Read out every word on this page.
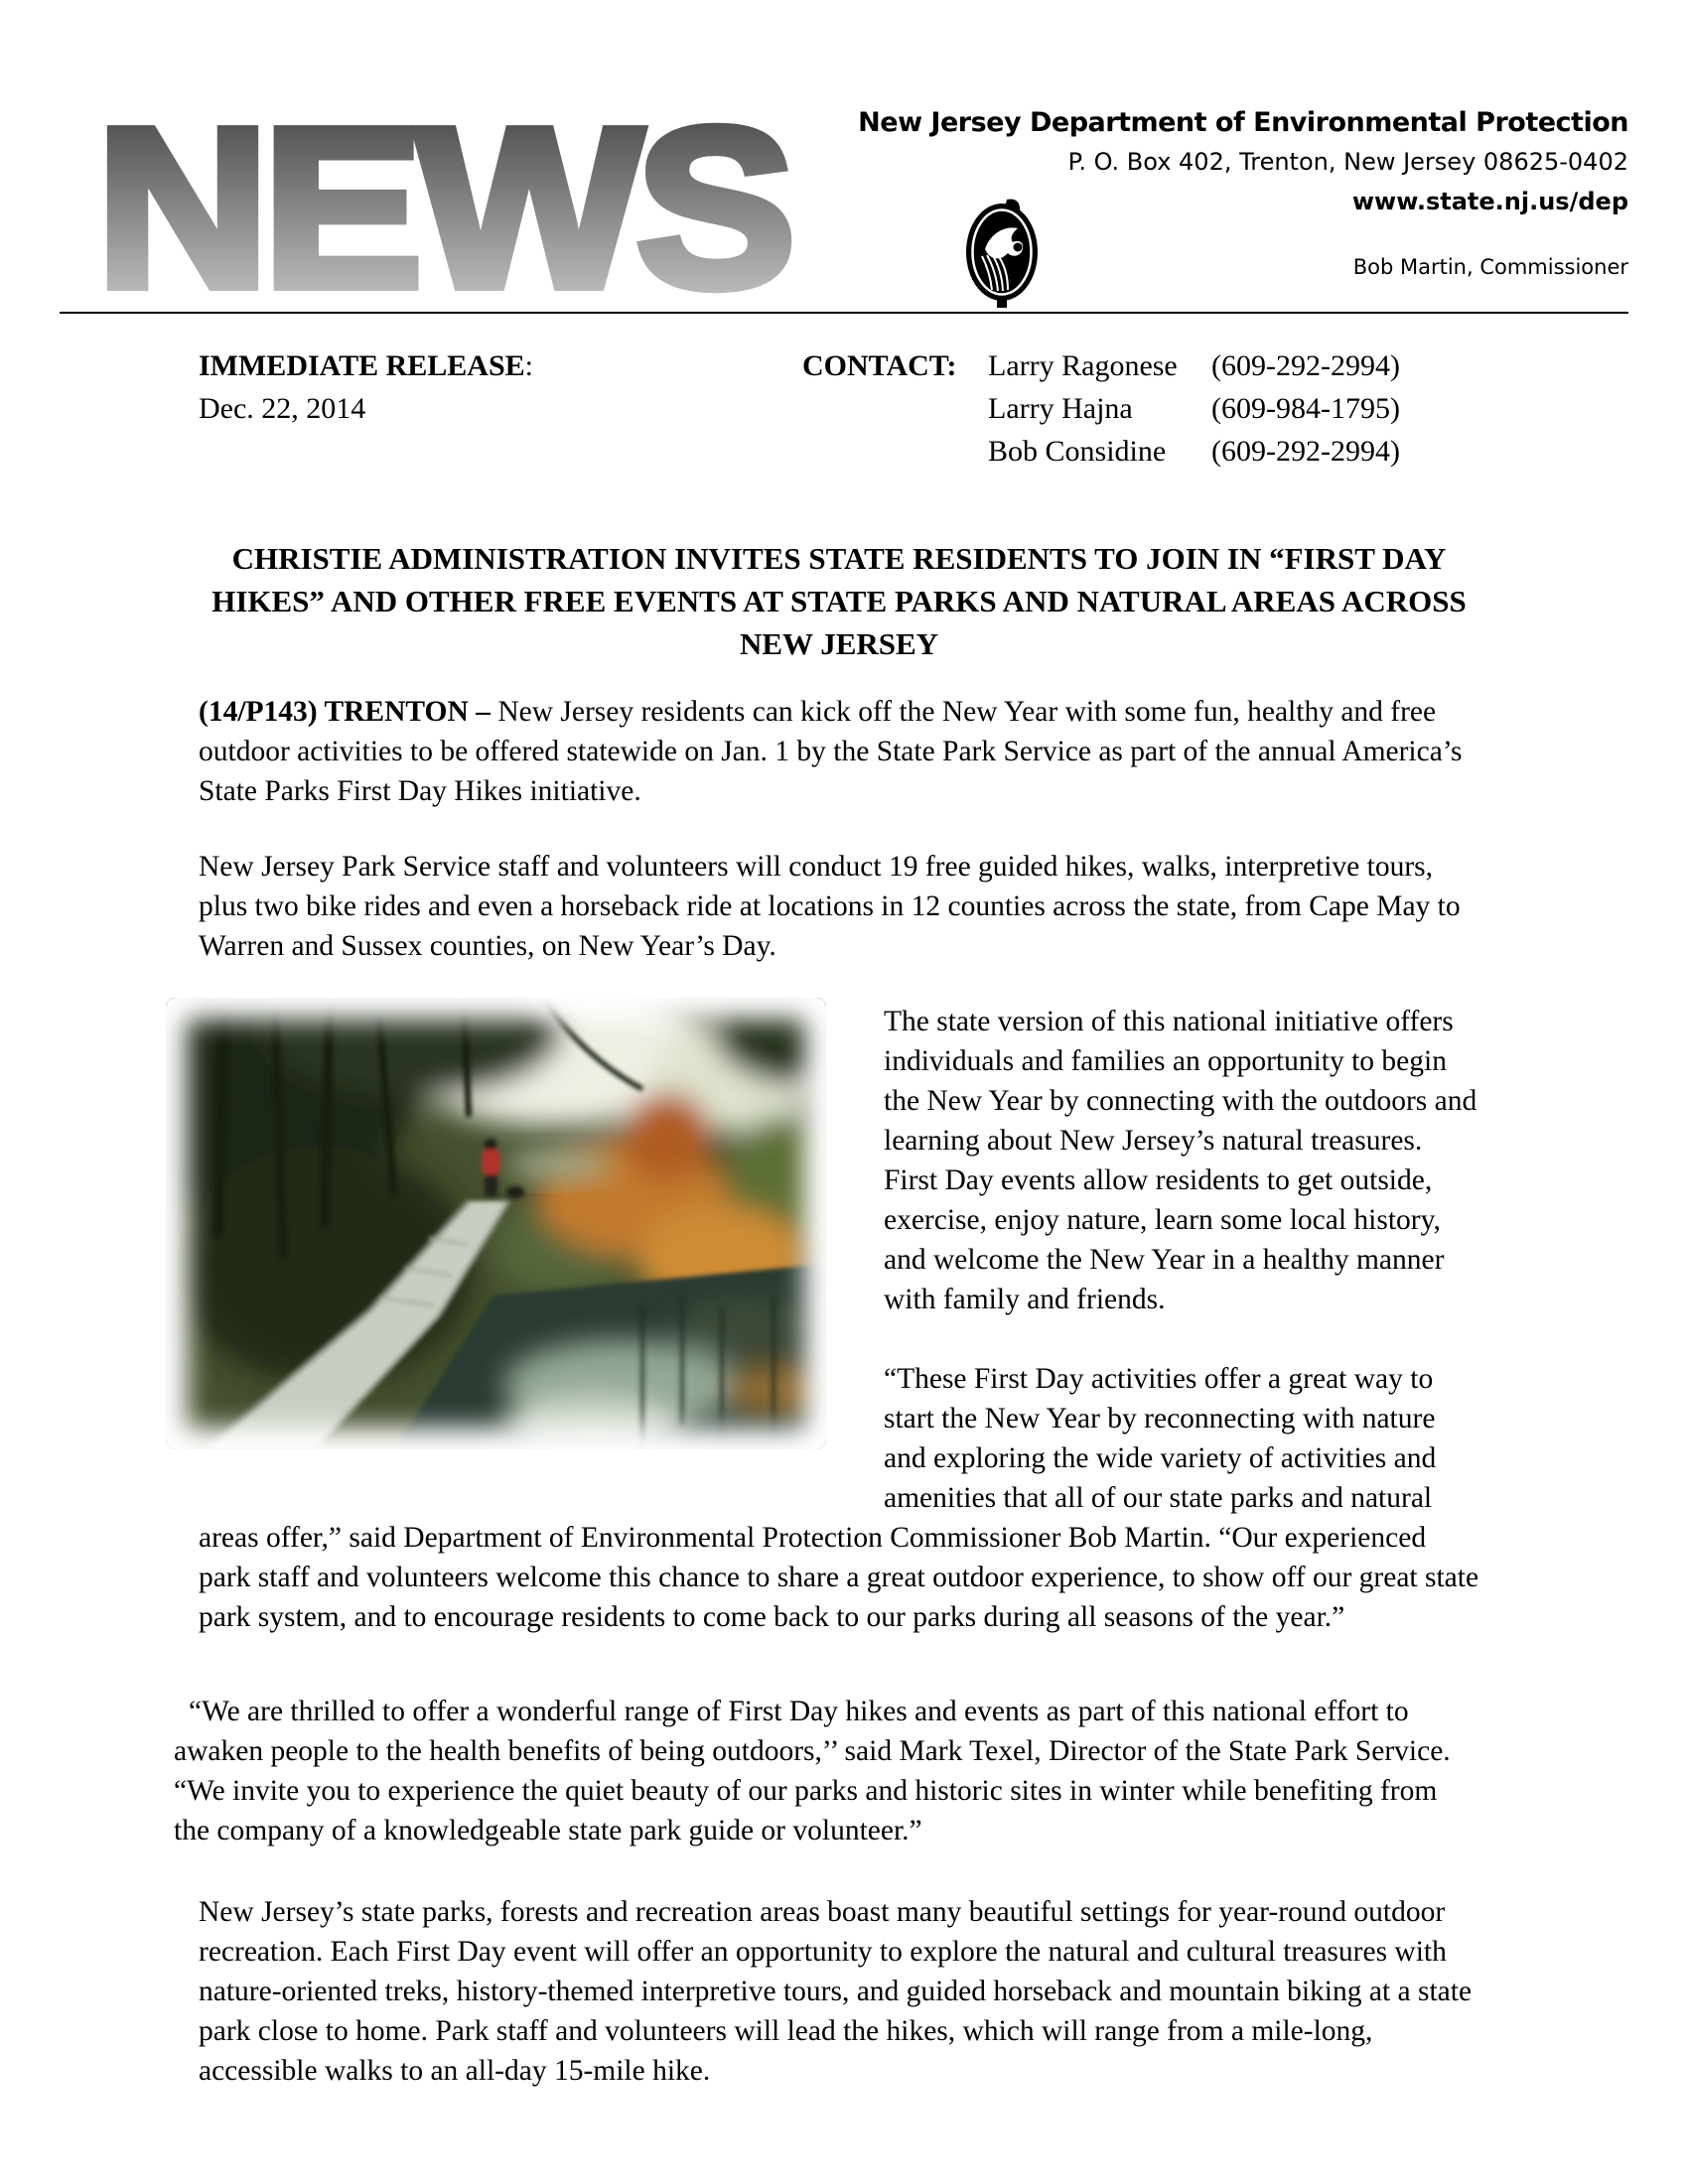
NEWS	New Jersey Department of Environmental Protection
P. O. Box 402, Trenton, New Jersey 08625-0402
www.state.nj.us/dep
Bob Martin, Commissioner
IMMEDIATE RELEASE:
Dec. 22, 2014
CONTACT:	Larry Ragonese	(609-292-2994)
Larry Hajna	(609-984-1795)
Bob Considine	(609-292-2994)
CHRISTIE ADMINISTRATION INVITES STATE RESIDENTS TO JOIN IN “FIRST DAY HIKES” AND OTHER FREE EVENTS AT STATE PARKS AND NATURAL AREAS ACROSS NEW JERSEY

(14/P143) TRENTON – New Jersey residents can kick off the New Year with some fun, healthy and free outdoor activities to be offered statewide on Jan. 1 by the State Park Service as part of the annual America’s State Parks First Day Hikes initiative.

New Jersey Park Service staff and volunteers will conduct 19 free guided hikes, walks, interpretive tours, plus two bike rides and even a horseback ride at locations in 12 counties across the state, from Cape May to Warren and Sussex counties, on New Year’s Day.

The state version of this national initiative offers individuals and families an opportunity to begin the New Year by connecting with the outdoors and learning about New Jersey’s natural treasures. First Day events allow residents to get outside, exercise, enjoy nature, learn some local history, and welcome the New Year in a healthy manner with family and friends.

“These First Day activities offer a great way to start the New Year by reconnecting with nature and exploring the wide variety of activities and amenities that all of our state parks and natural areas offer,” said Department of Environmental Protection Commissioner Bob Martin. “Our experienced park staff and volunteers welcome this chance to share a great outdoor experience, to show off our great state park system, and to encourage residents to come back to our parks during all seasons of the year.”

“We are thrilled to offer a wonderful range of First Day hikes and events as part of this national effort to awaken people to the health benefits of being outdoors,’’ said Mark Texel, Director of the State Park Service. “We invite you to experience the quiet beauty of our parks and historic sites in winter while benefiting from the company of a knowledgeable state park guide or volunteer.”

New Jersey’s state parks, forests and recreation areas boast many beautiful settings for year-round outdoor recreation. Each First Day event will offer an opportunity to explore the natural and cultural treasures with nature-oriented treks, history-themed interpretive tours, and guided horseback and mountain biking at a state park close to home. Park staff and volunteers will lead the hikes, which will range from a mile-long, accessible walks to an all-day 15-mile hike.
